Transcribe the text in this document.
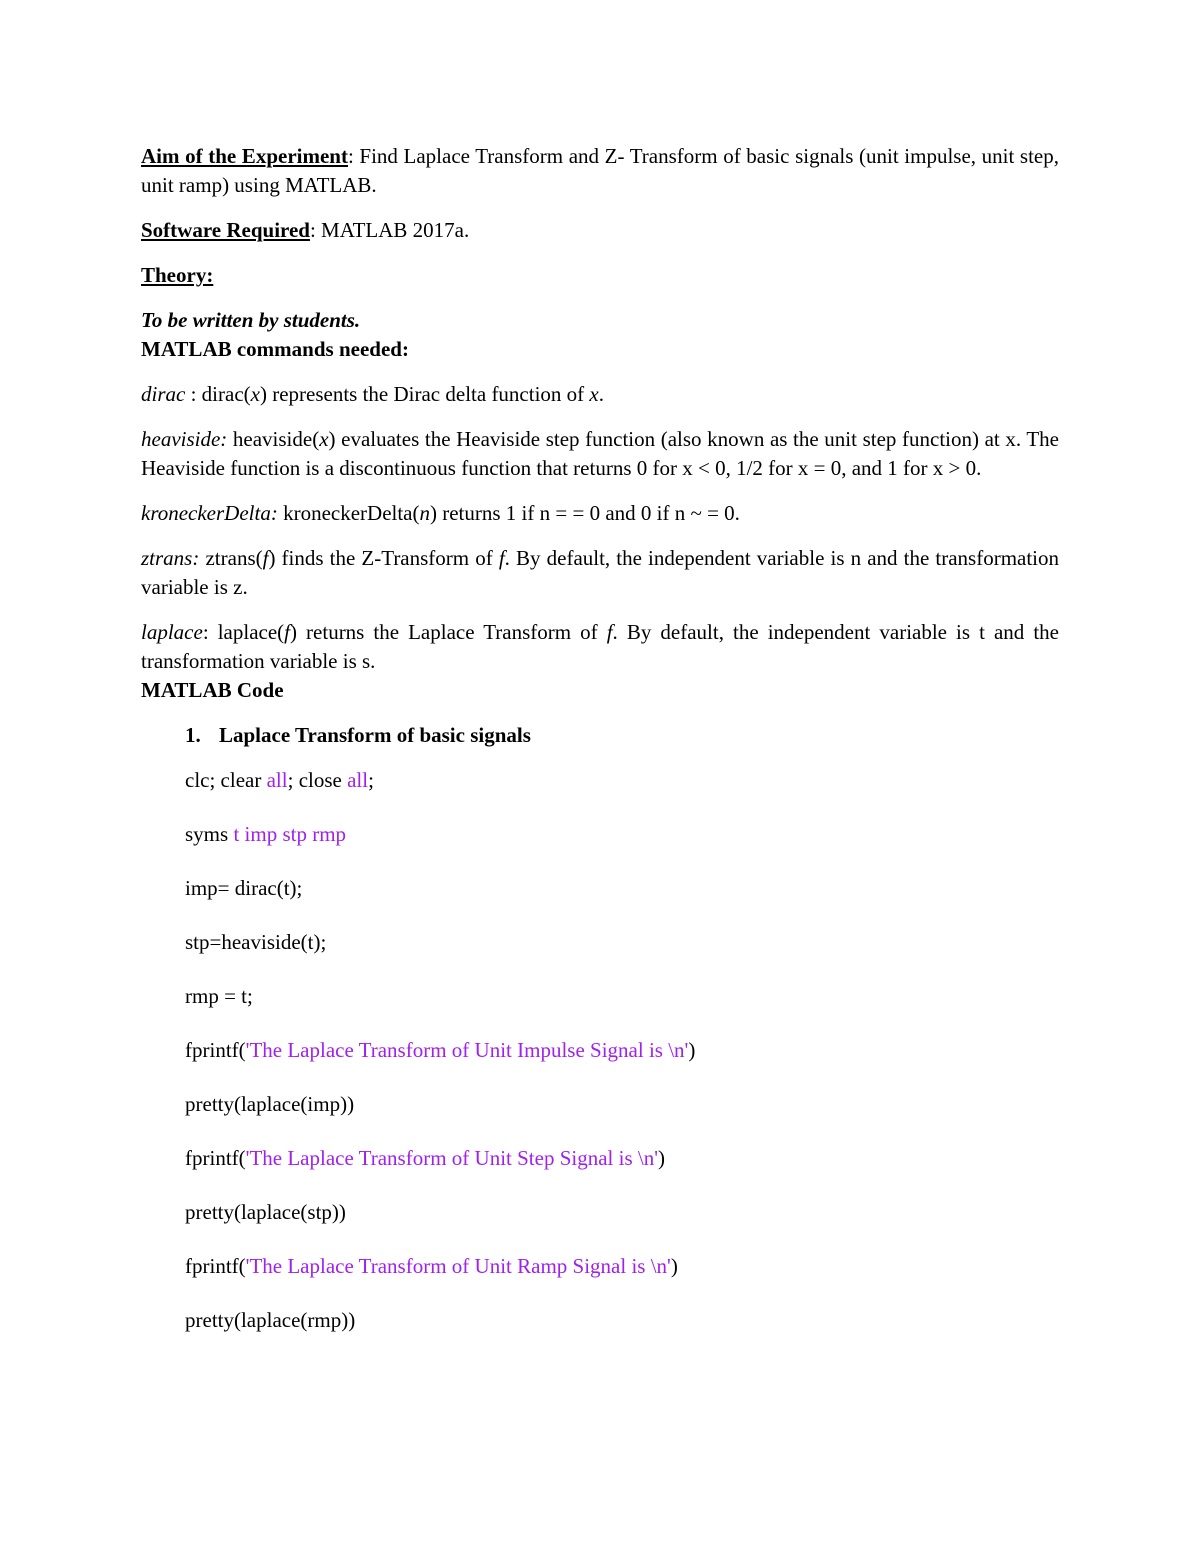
Aim of the Experiment: Find Laplace Transform and Z- Transform of basic signals (unit impulse, unit step, unit ramp) using MATLAB.

Software Required: MATLAB 2017a.

Theory:

To be written by students.

MATLAB commands needed:

dirac : dirac(x) represents the Dirac delta function of x.

heaviside: heaviside(x) evaluates the Heaviside step function (also known as the unit step function) at x. The Heaviside function is a discontinuous function that returns 0 for x < 0, 1/2 for x = 0, and 1 for x > 0.

kroneckerDelta: kroneckerDelta(n) returns 1 if n = = 0 and 0 if n ~ = 0.

ztrans: ztrans(f) finds the Z-Transform of f. By default, the independent variable is n and the transformation variable is z.

laplace: laplace(f) returns the Laplace Transform of f. By default, the independent variable is t and the transformation variable is s.

MATLAB Code

1. Laplace Transform of basic signals

clc; clear all; close all;

syms t imp stp rmp

imp= dirac(t);

stp=heaviside(t);

rmp = t;

fprintf('The Laplace Transform of Unit Impulse Signal is \n')

pretty(laplace(imp))

fprintf('The Laplace Transform of Unit Step Signal is \n')

pretty(laplace(stp))

fprintf('The Laplace Transform of Unit Ramp Signal is \n')

pretty(laplace(rmp))
